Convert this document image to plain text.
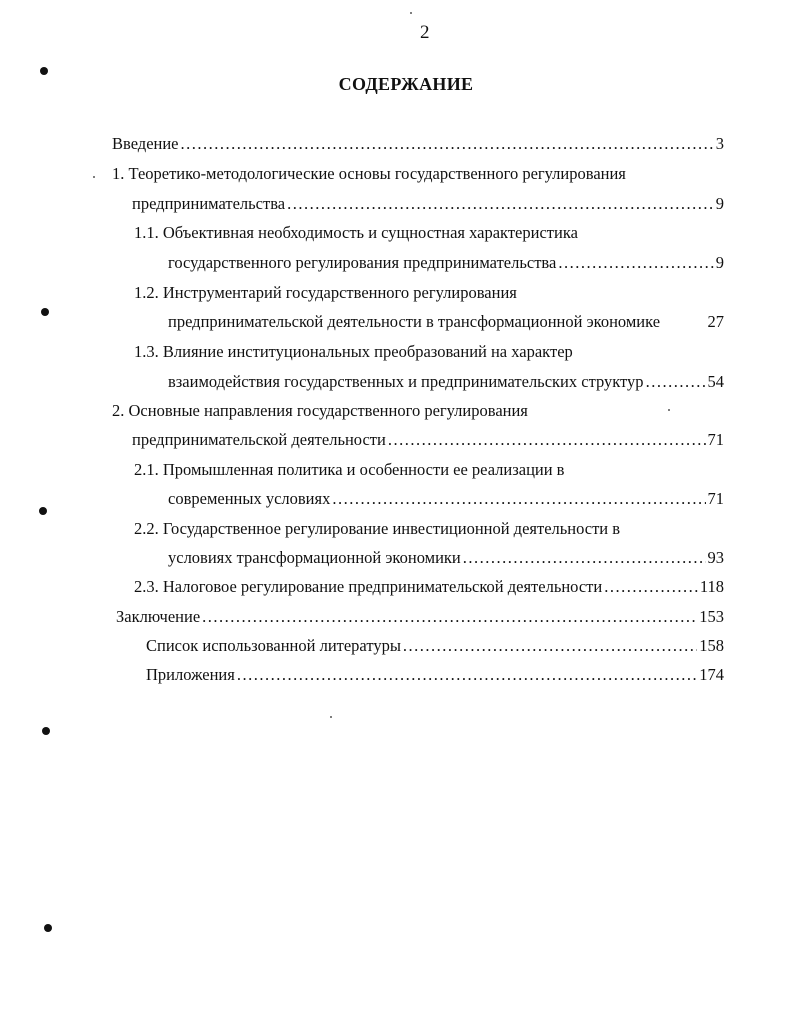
2
СОДЕРЖАНИЕ
Введение .....	3
1. Теоретико-методологические основы государственного регулирования
предпринимательства .....	9
1.1. Объективная необходимость и сущностная характеристика
государственного регулирования предпринимательства .....	9
1.2. Инструментарий государственного регулирования
предпринимательской деятельности в трансформационной экономике	27
1.3. Влияние институциональных преобразований на характер
взаимодействия государственных и предпринимательских структур .....	54
2. Основные направления государственного регулирования
предпринимательской деятельности .....	71
2.1. Промышленная политика и особенности ее реализации в
современных условиях .....	71
2.2. Государственное регулирование инвестиционной деятельности в
условиях трансформационной экономики .....	93
2.3. Налоговое регулирование предпринимательской деятельности .....	118
Заключение .....	153
Список использованной литературы .....	158
Приложения .....	174
